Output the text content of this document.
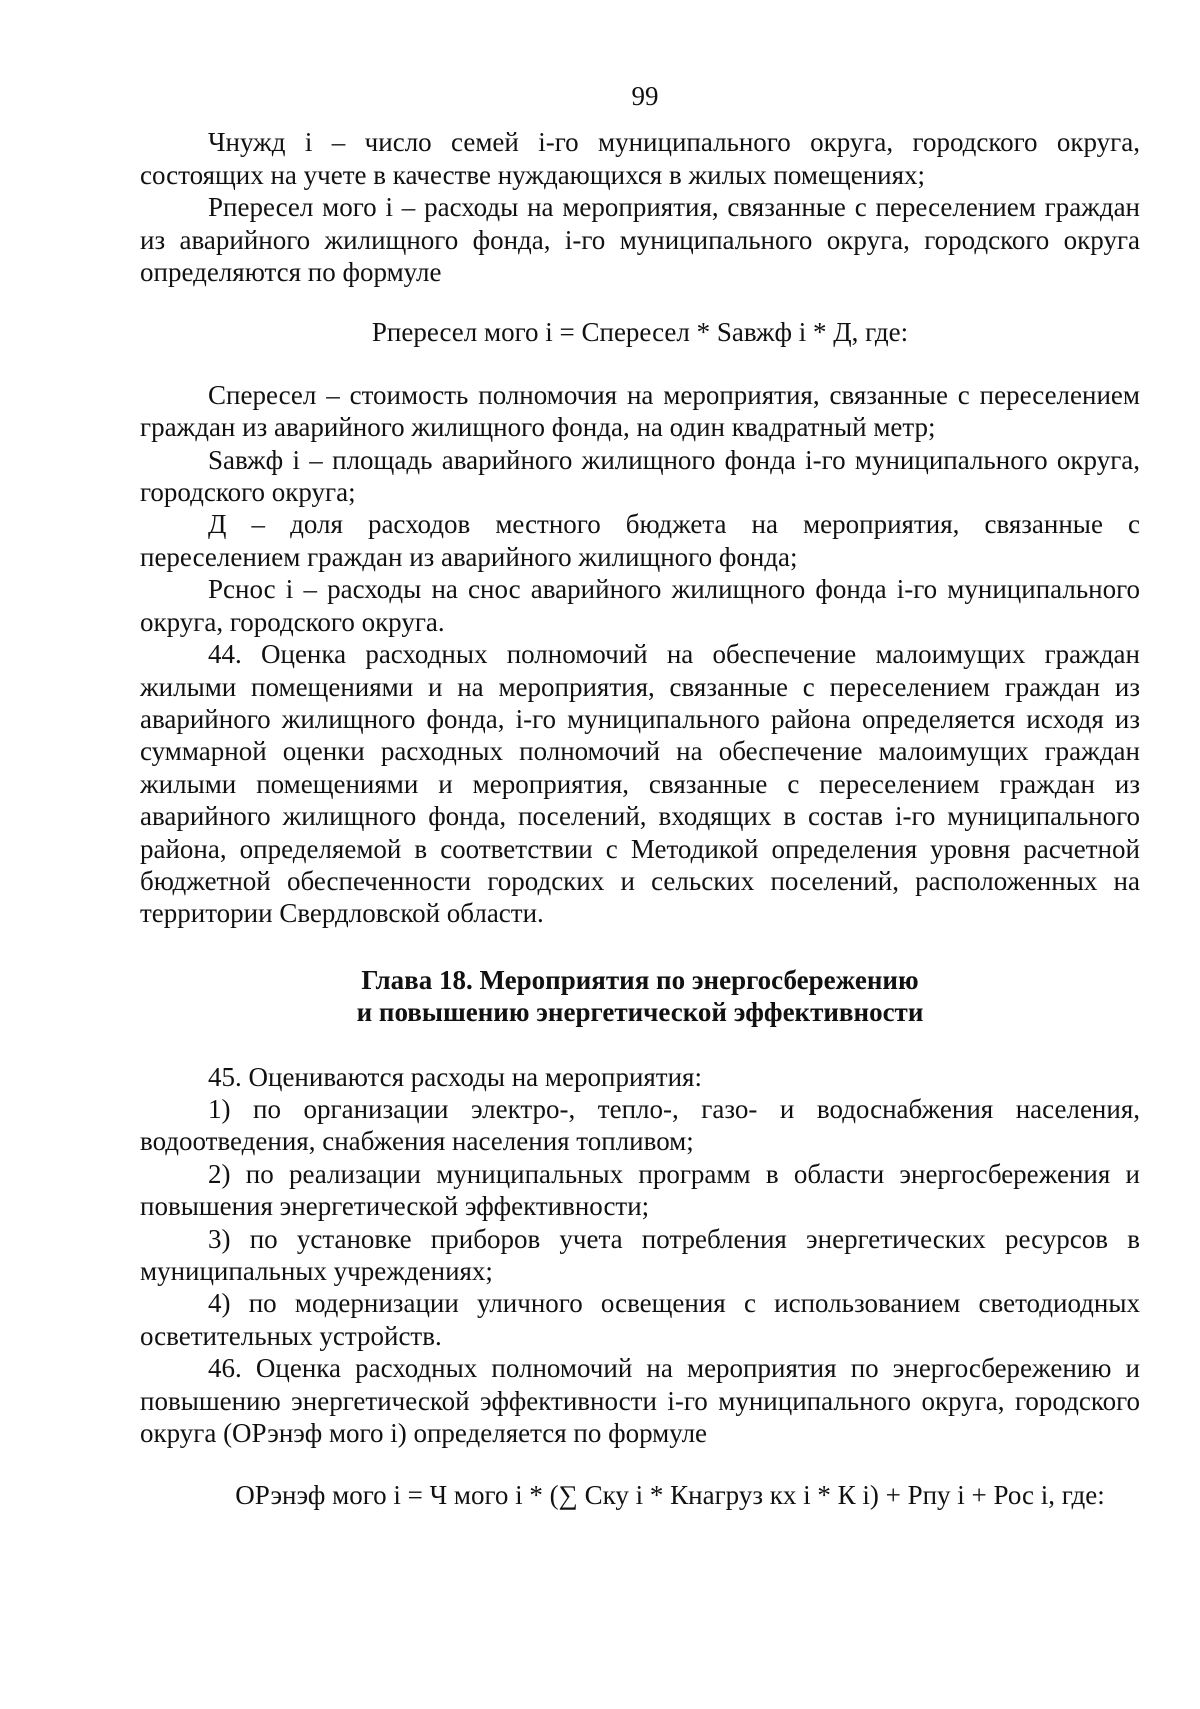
99

Чнужд i – число семей i-го муниципального округа, городского округа, состоящих на учете в качестве нуждающихся в жилых помещениях;

Рпересел мого i – расходы на мероприятия, связанные с переселением граждан из аварийного жилищного фонда, i-го муниципального округа, городского округа определяются по формуле

Рпересел мого i = Спересел * Sавжф i * Д, где:

Спересел – стоимость полномочия на мероприятия, связанные с переселением граждан из аварийного жилищного фонда, на один квадратный метр;

Sавжф i – площадь аварийного жилищного фонда i-го муниципального округа, городского округа;

Д – доля расходов местного бюджета на мероприятия, связанные с переселением граждан из аварийного жилищного фонда;

Рснос i – расходы на снос аварийного жилищного фонда i-го муниципального округа, городского округа.

44. Оценка расходных полномочий на обеспечение малоимущих граждан жилыми помещениями и на мероприятия, связанные с переселением граждан из аварийного жилищного фонда, i-го муниципального района определяется исходя из суммарной оценки расходных полномочий на обеспечение малоимущих граждан жилыми помещениями и мероприятия, связанные с переселением граждан из аварийного жилищного фонда, поселений, входящих в состав i-го муниципального района, определяемой в соответствии с Методикой определения уровня расчетной бюджетной обеспеченности городских и сельских поселений, расположенных на территории Свердловской области.

Глава 18. Мероприятия по энергосбережению
и повышению энергетической эффективности

45. Оцениваются расходы на мероприятия:

1) по организации электро-, тепло-, газо- и водоснабжения населения, водоотведения, снабжения населения топливом;

2) по реализации муниципальных программ в области энергосбережения и повышения энергетической эффективности;

3) по установке приборов учета потребления энергетических ресурсов в муниципальных учреждениях;

4) по модернизации уличного освещения с использованием светодиодных осветительных устройств.

46. Оценка расходных полномочий на мероприятия по энергосбережению и повышению энергетической эффективности i-го муниципального округа, городского округа (ОРэнэф мого i) определяется по формуле

ОРэнэф мого i = Ч мого i * (∑ Cку i * Кнагруз кх i * К i) + Рпу i + Рос i, где:
